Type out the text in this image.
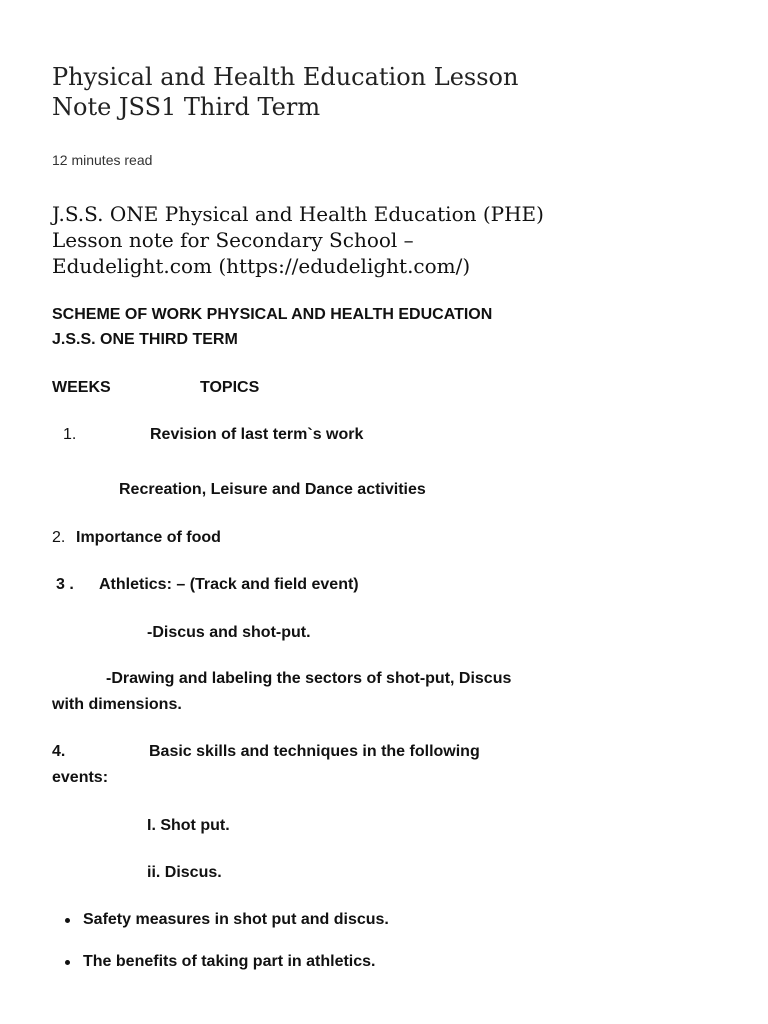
Physical and Health Education Lesson Note JSS1 Third Term
12 minutes read
J.S.S. ONE Physical and Health Education (PHE) Lesson note for Secondary School – Edudelight.com (https://edudelight.com/)
SCHEME OF WORK PHYSICAL AND HEALTH EDUCATION
J.S.S. ONE THIRD TERM
WEEKS	TOPICS
1.	Revision of last term`s work
Recreation, Leisure and Dance activities
2. Importance of food
3 . Athletics: – (Track and field event)
-Discus and shot-put.
-Drawing and labeling the sectors of shot-put, Discus
with dimensions.
4.	Basic skills and techniques in the following
events:
I. Shot put.
ii. Discus.
Safety measures in shot put and discus.
The benefits of taking part in athletics.
